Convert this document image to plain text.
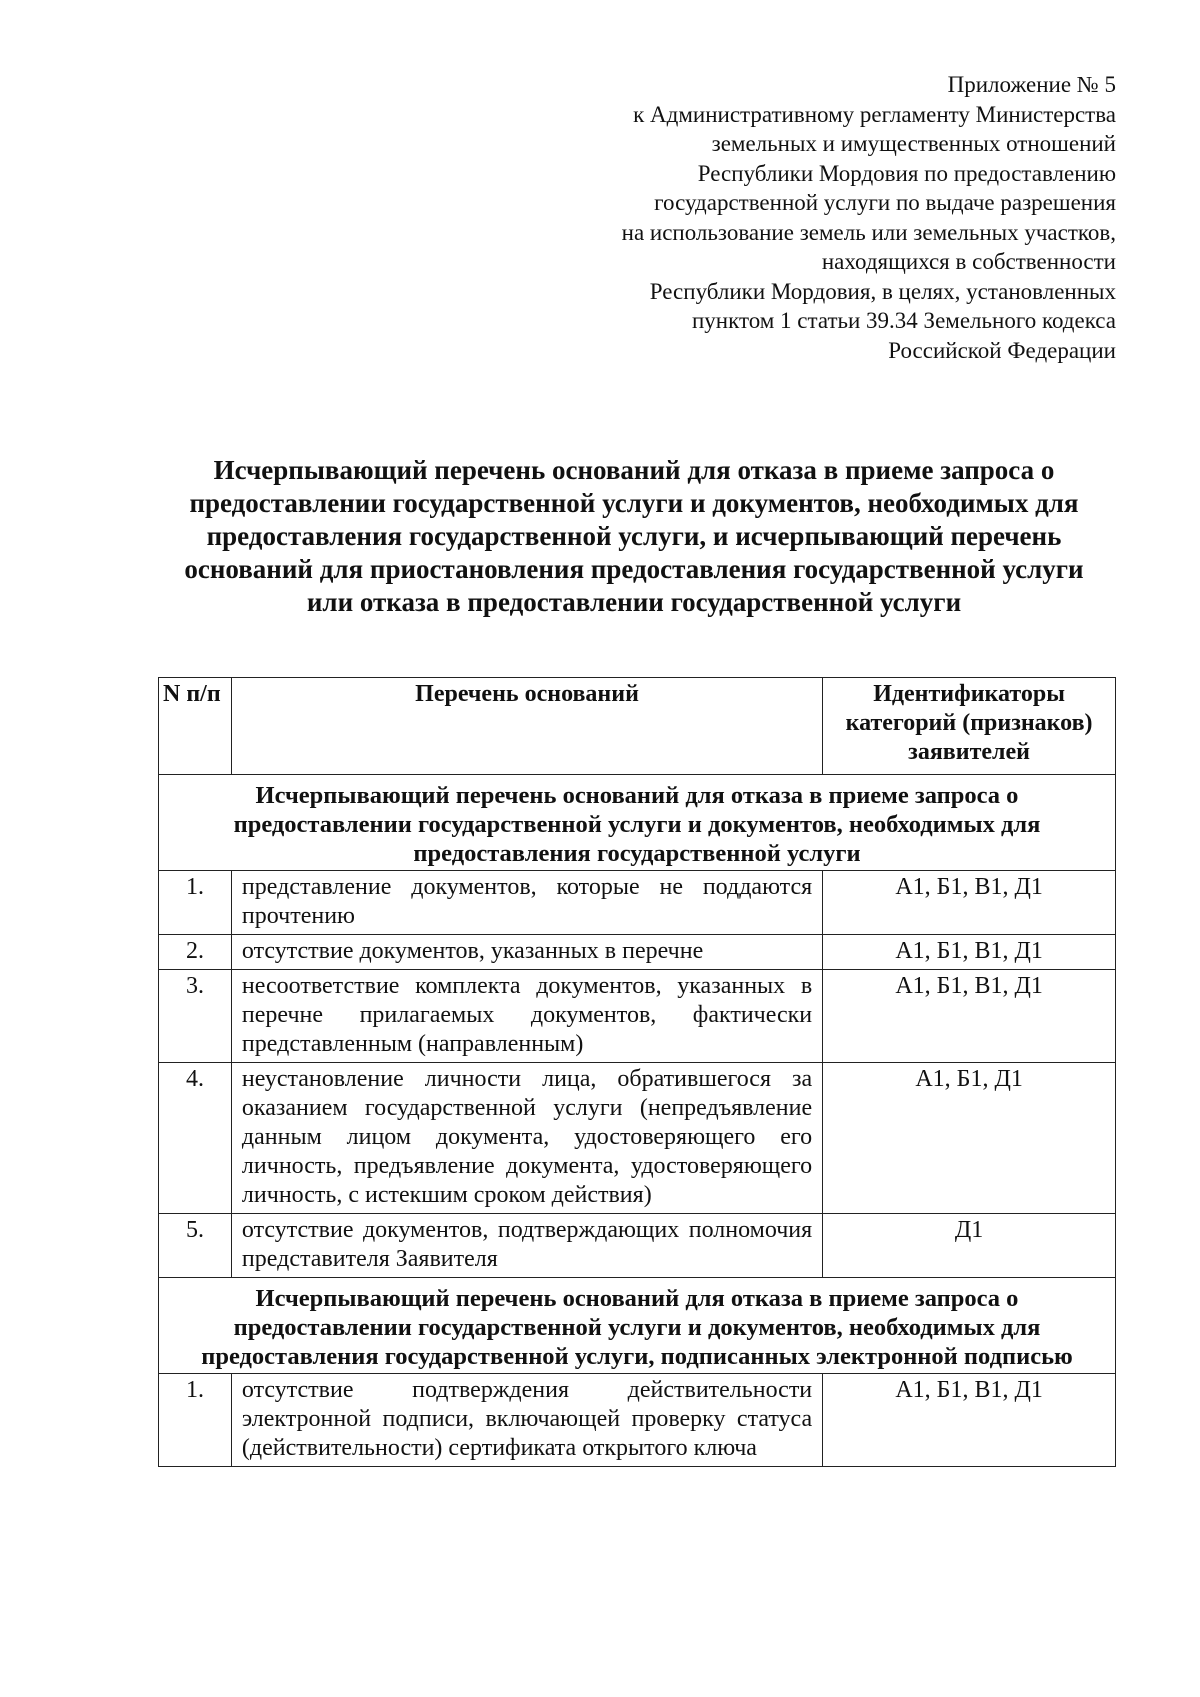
Приложение № 5
к Административному регламенту Министерства
земельных и имущественных отношений
Республики Мордовия по предоставлению
государственной услуги по выдаче разрешения
на использование земель или земельных участков,
находящихся в собственности
Республики Мордовия, в целях, установленных
пунктом 1 статьи 39.34 Земельного кодекса
Российской Федерации
Исчерпывающий перечень оснований для отказа в приеме запроса о
предоставлении государственной услуги и документов, необходимых для
предоставления государственной услуги, и исчерпывающий перечень
оснований для приостановления предоставления государственной услуги
или отказа в предоставлении государственной услуги
N п/п	Перечень оснований	Идентификаторы категорий (признаков) заявителей

Исчерпывающий перечень оснований для отказа в приеме запроса о
предоставлении государственной услуги и документов, необходимых для
предоставления государственной услуги		

1.	представление документов, которые не поддаются прочтению	А1, Б1, В1, Д1
2.	отсутствие документов, указанных в перечне	А1, Б1, В1, Д1
3.	несоответствие комплекта документов, указанных в перечне прилагаемых документов, фактически представленным (направленным)	А1, Б1, В1, Д1
4.	неустановление личности лица, обратившегося за оказанием государственной услуги (непредъявление данным лицом документа, удостоверяющего его личность, предъявление документа, удостоверяющего личность, с истекшим сроком действия)	А1, Б1, Д1
5.	отсутствие документов, подтверждающих полномочия представителя Заявителя	Д1

Исчерпывающий перечень оснований для отказа в приеме запроса о
предоставлении государственной услуги и документов, необходимых для
предоставления государственной услуги, подписанных электронной подписью		

1.	отсутствие подтверждения действительности электронной подписи, включающей проверку статуса (действительности) сертификата открытого ключа	А1, Б1, В1, Д1
